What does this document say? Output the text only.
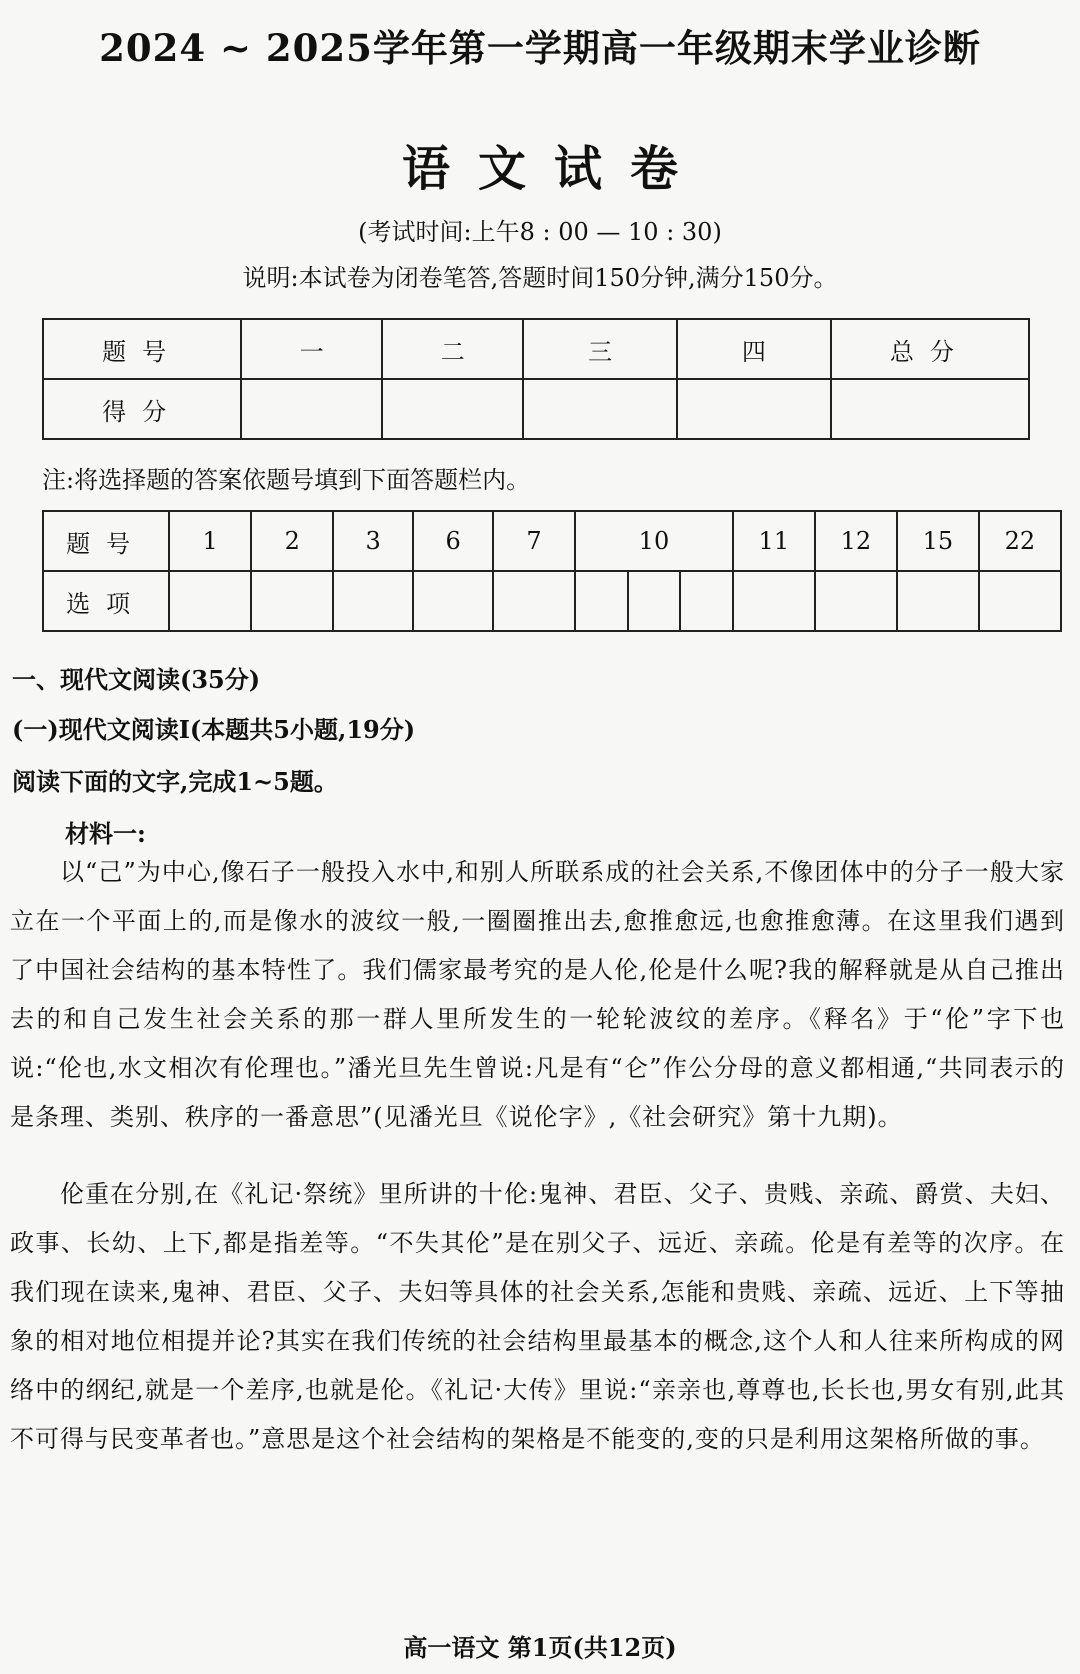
2024 ~ 2025学年第一学期高一年级期末学业诊断
语文试卷
(考试时间:上午8 : 00 — 10 : 30)
说明:本试卷为闭卷笔答,答题时间150分钟,满分150分。
题号	一	二	三	四	总分
得分					
注:将选择题的答案依题号填到下面答题栏内。
题号	1	2	3	6	7	10			11	12	15	22
选项												
一、现代文阅读(35分)
(一)现代文阅读Ⅰ(本题共5小题,19分)
阅读下面的文字,完成1~5题。
材料一:
以“己”为中心,像石子一般投入水中,和别人所联系成的社会关系,不像团体中的分子一般大家立在一个平面上的,而是像水的波纹一般,一圈圈推出去,愈推愈远,也愈推愈薄。在这里我们遇到了中国社会结构的基本特性了。我们儒家最考究的是人伦,伦是什么呢?我的解释就是从自己推出去的和自己发生社会关系的那一群人里所发生的一轮轮波纹的差序。《释名》于“伦”字下也说:“伦也,水文相次有伦理也。”潘光旦先生曾说:凡是有“仑”作公分母的意义都相通,“共同表示的是条理、类别、秩序的一番意思”(见潘光旦《说伦字》,《社会研究》第十九期)。
伦重在分别,在《礼记·祭统》里所讲的十伦:鬼神、君臣、父子、贵贱、亲疏、爵赏、夫妇、政事、长幼、上下,都是指差等。“不失其伦”是在别父子、远近、亲疏。伦是有差等的次序。在我们现在读来,鬼神、君臣、父子、夫妇等具体的社会关系,怎能和贵贱、亲疏、远近、上下等抽象的相对地位相提并论?其实在我们传统的社会结构里最基本的概念,这个人和人往来所构成的网络中的纲纪,就是一个差序,也就是伦。《礼记·大传》里说:“亲亲也,尊尊也,长长也,男女有别,此其不可得与民变革者也。”意思是这个社会结构的架格是不能变的,变的只是利用这架格所做的事。
高一语文 第1页(共12页)
